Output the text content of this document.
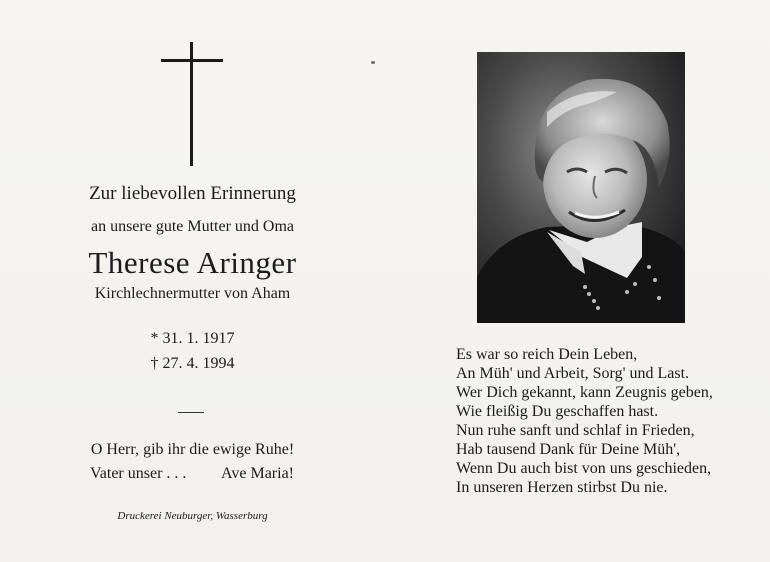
Zur liebevollen Erinnerung
an unsere gute Mutter und Oma
Therese Aringer
Kirchlechnermutter von Aham
* 31. 1. 1917
† 27. 4. 1994
O Herr, gib ihr die ewige Ruhe!
Vater unser . . . Ave Maria!
Druckerei Neuburger, Wasserburg
Es war so reich Dein Leben,
An Müh' und Arbeit, Sorg' und Last.
Wer Dich gekannt, kann Zeugnis geben,
Wie fleißig Du geschaffen hast.
Nun ruhe sanft und schlaf in Frieden,
Hab tausend Dank für Deine Müh',
Wenn Du auch bist von uns geschieden,
In unseren Herzen stirbst Du nie.
